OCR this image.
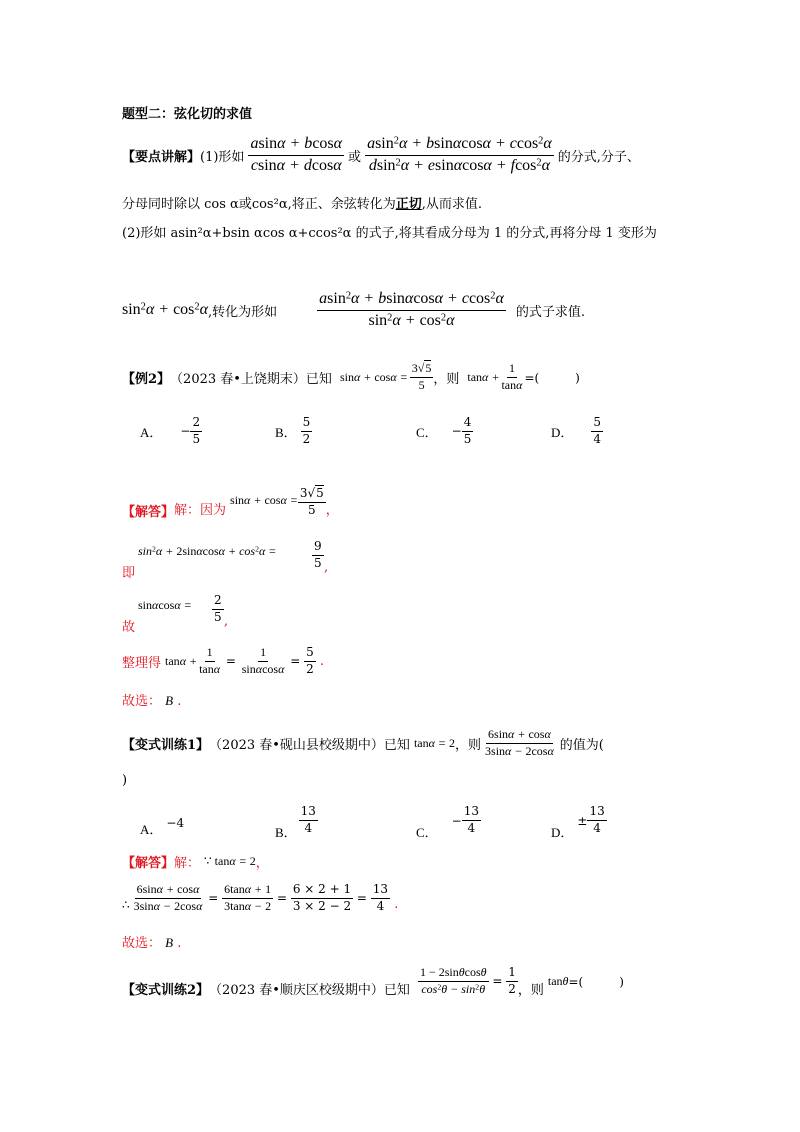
题型二：弦化切的求值
【要点讲解】 (1)形如 $\frac{asin\alpha + bcos\alpha}{csin\alpha + dcos\alpha}$ 或 $\frac{asin^2\alpha + bsin\alpha\cos\alpha + ccos^2\alpha}{dsin^2\alpha + esin\alpha\cos\alpha + fcos^2\alpha}$ 的分式,分子、
分母同时除以 cos α或cos²α,将正、余弦转化为正切,从而求值.
(2)形如 asin²α+bsin αcos α+ccos²α 的式子,将其看成分母为 1 的分式,再将分母 1 变形为
$\sin^2\alpha + \cos^2\alpha$ ,转化为形如	$\frac{asin^2\alpha + bsin\alpha\cos\alpha + ccos^2\alpha}{\sin^2\alpha + \cos^2\alpha}$ 的式子求值.
【例2】 （2023 春•上饶期末）已知 $\sin\alpha + \cos\alpha = \frac{3√5}{5}$ ，则 $\tan\alpha + \frac{1}{\tan\alpha}$ =(　　　)
A． − $\frac{2}{5}$	B． $\frac{5}{2}$	C． − $\frac{4}{5}$	D． $\frac{5}{4}$
【解答】 解：因为
$\sin\alpha + \cos\alpha = \frac{3√5}{5}$ ，
$\sin^2\alpha + 2\sin\alpha\cos\alpha + \cos^2\alpha$ =	$\frac{9}{5}$ ,
即
$\sin\alpha\cos\alpha = \frac{2}{5}$ ,
故
整理得 $\tan\alpha + \frac{1}{\tan\alpha} = \frac{1}{\sin\alpha\cos\alpha} = \frac{5}{2}$ .
故选： B .
【变式训练1】 （2023 春•砚山县校级期中）已知 tanα = 2 ，则 $\frac{6\sin\alpha + \cos\alpha}{3\sin\alpha - 2\cos\alpha}$ 的值为(
)
A． −4
B． $\frac{13}{4}$	C．
− $\frac{13}{4}$	D．
± $\frac{13}{4}$
【解答】 解： ∵ tanα = 2 ，
∴ $\frac{6\sin\alpha + \cos\alpha}{3\sin\alpha - 2\cos\alpha} = \frac{6\tan\alpha + 1}{3\tan\alpha - 2} = \frac{6 \times 2 + 1}{3 \times 2 - 2} = \frac{13}{4}$ .
故选： B .
【变式训练2】 （2023 春•顺庆区校级期中）已知 $\frac{1 - 2\sin\theta\cos\theta}{\cos^2\theta - \sin^2\theta} = \frac{1}{2}$ ，则
tanθ =(　　　)
